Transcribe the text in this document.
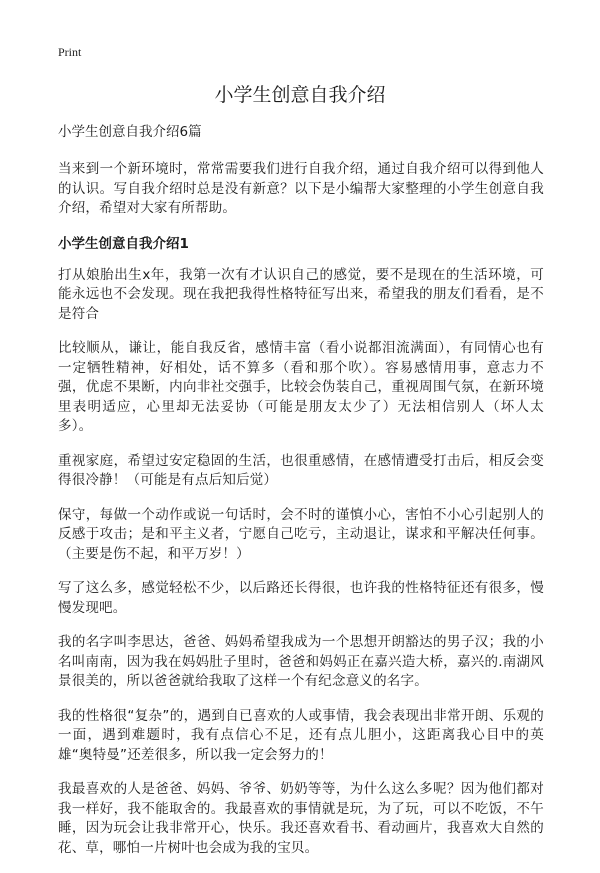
Print
小学生创意自我介绍

小学生创意自我介绍6篇

当来到一个新环境时，常常需要我们进行自我介绍，通过自我介绍可以得到他人的认识。写自我介绍时总是没有新意？以下是小编帮大家整理的小学生创意自我介绍，希望对大家有所帮助。

小学生创意自我介绍1

打从娘胎出生x年，我第一次有才认识自己的感觉，要不是现在的生活环境，可能永远也不会发现。现在我把我得性格特征写出来，希望我的朋友们看看，是不是符合

比较顺从，谦让，能自我反省，感情丰富（看小说都泪流满面），有同情心也有一定牺牲精神，好相处，话不算多（看和那个吹）。容易感情用事，意志力不强，优虑不果断，内向非社交强手，比较会伪装自己，重视周围气氛，在新环境里表明适应，心里却无法妥协（可能是朋友太少了）无法相信别人（坏人太多）。

重视家庭，希望过安定稳固的生活，也很重感情，在感情遭受打击后，相反会变得很冷静！（可能是有点后知后觉）

保守，每做一个动作或说一句话时，会不时的谨慎小心，害怕不小心引起别人的反感于攻击；是和平主义者，宁愿自己吃亏，主动退让，谋求和平解决任何事。（主要是伤不起，和平万岁！）

写了这么多，感觉轻松不少，以后路还长得很，也许我的性格特征还有很多，慢慢发现吧。

我的名字叫李思达，爸爸、妈妈希望我成为一个思想开朗豁达的男子汉；我的小名叫南南，因为我在妈妈肚子里时，爸爸和妈妈正在嘉兴造大桥，嘉兴的.南湖风景很美的，所以爸爸就给我取了这样一个有纪念意义的名字。

我的性格很“复杂”的，遇到自已喜欢的人或事情，我会表现出非常开朗、乐观的一面，遇到难题时，我有点信心不足，还有点儿胆小，这距离我心目中的英雄“奥特曼”还差很多，所以我一定会努力的！

我最喜欢的人是爸爸、妈妈、爷爷、奶奶等等，为什么这么多呢？因为他们都对我一样好，我不能取舍的。我最喜欢的事情就是玩，为了玩，可以不吃饭，不午睡，因为玩会让我非常开心，快乐。我还喜欢看书、看动画片，我喜欢大自然的花、草，哪怕一片树叶也会成为我的宝贝。
